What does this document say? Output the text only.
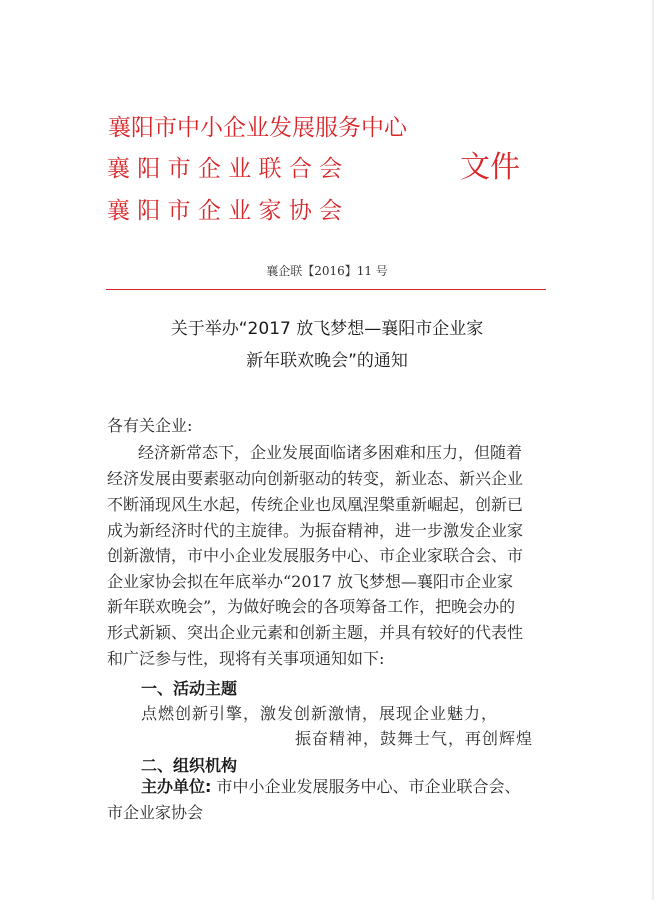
襄阳市中小企业发展服务中心
襄 阳 市 企 业 联 合 会
襄 阳 市 企 业 家 协 会
文件
襄企联【2016】11 号
关于举办“2017 放飞梦想—襄阳市企业家
新年联欢晚会”的通知
各有关企业:
经济新常态下，企业发展面临诸多困难和压力，但随着
经济发展由要素驱动向创新驱动的转变，新业态、新兴企业
不断涌现风生水起，传统企业也凤凰涅槃重新崛起，创新已
成为新经济时代的主旋律。为振奋精神，进一步激发企业家
创新激情，市中小企业发展服务中心、市企业家联合会、市
企业家协会拟在年底举办“2017 放飞梦想—襄阳市企业家
新年联欢晚会”，为做好晚会的各项筹备工作，把晚会办的
形式新颖、突出企业元素和创新主题，并具有较好的代表性
和广泛参与性，现将有关事项通知如下:
一、活动主题
点燃创新引擎，激发创新激情，展现企业魅力，
振奋精神，鼓舞士气，再创辉煌
二、组织机构
主办单位: 市中小企业发展服务中心、市企业联合会、
市企业家协会
